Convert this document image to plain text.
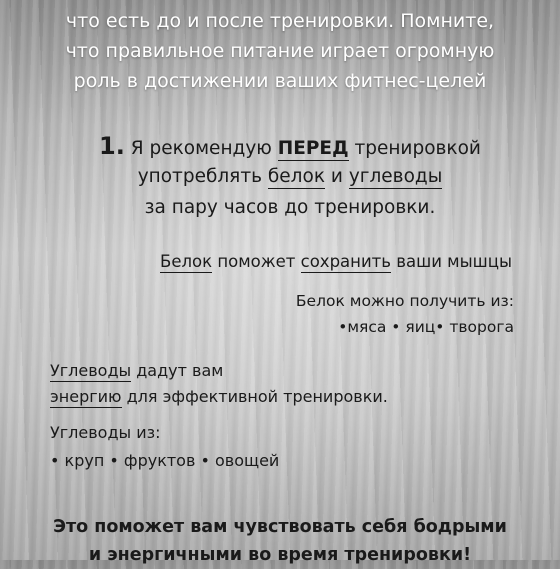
что есть до и после тренировки. Помните,
что правильное питание играет огромную
роль в достижении ваших фитнес-целей
1. Я рекомендую ПЕРЕД тренировкой
употреблять белок и углеводы
за пару часов до тренировки.
Белок поможет сохранить ваши мышцы
Белок можно получить из:
•мяса • яиц• творога
Углеводы дадут вам
энергию для эффективной тренировки.
Углеводы из:
• круп • фруктов • овощей
Это поможет вам чувствовать себя бодрыми
и энергичными во время тренировки!
